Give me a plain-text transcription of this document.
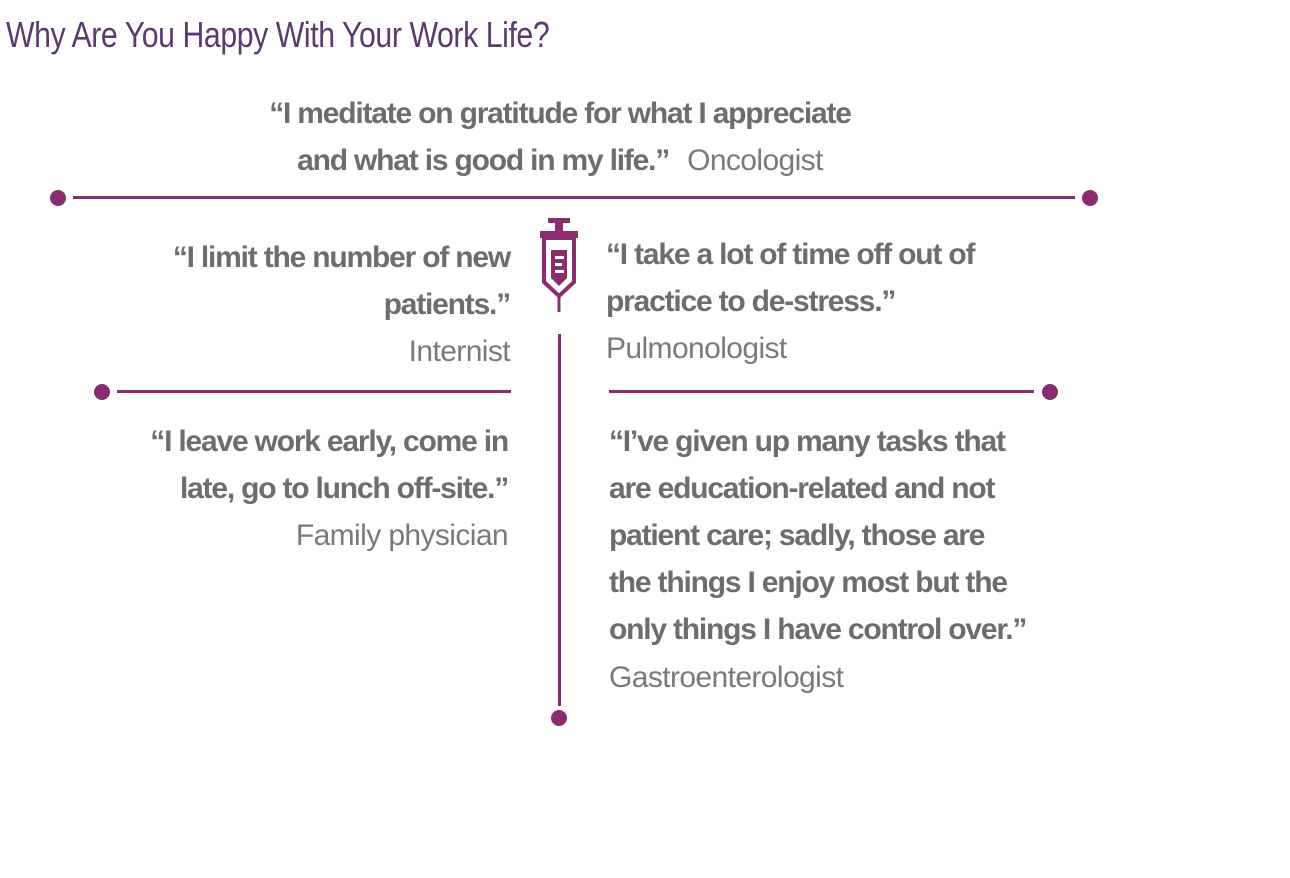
Why Are You Happy With Your Work Life?
“I meditate on gratitude for what I appreciate
and what is good in my life.” Oncologist
“I limit the number of new
patients.”
Internist
“I take a lot of time off out of
practice to de-stress.”
Pulmonologist
“I leave work early, come in
late, go to lunch off-site.”
Family physician
“I’ve given up many tasks that
are education-related and not
patient care; sadly, those are
the things I enjoy most but the
only things I have control over.”
Gastroenterologist
